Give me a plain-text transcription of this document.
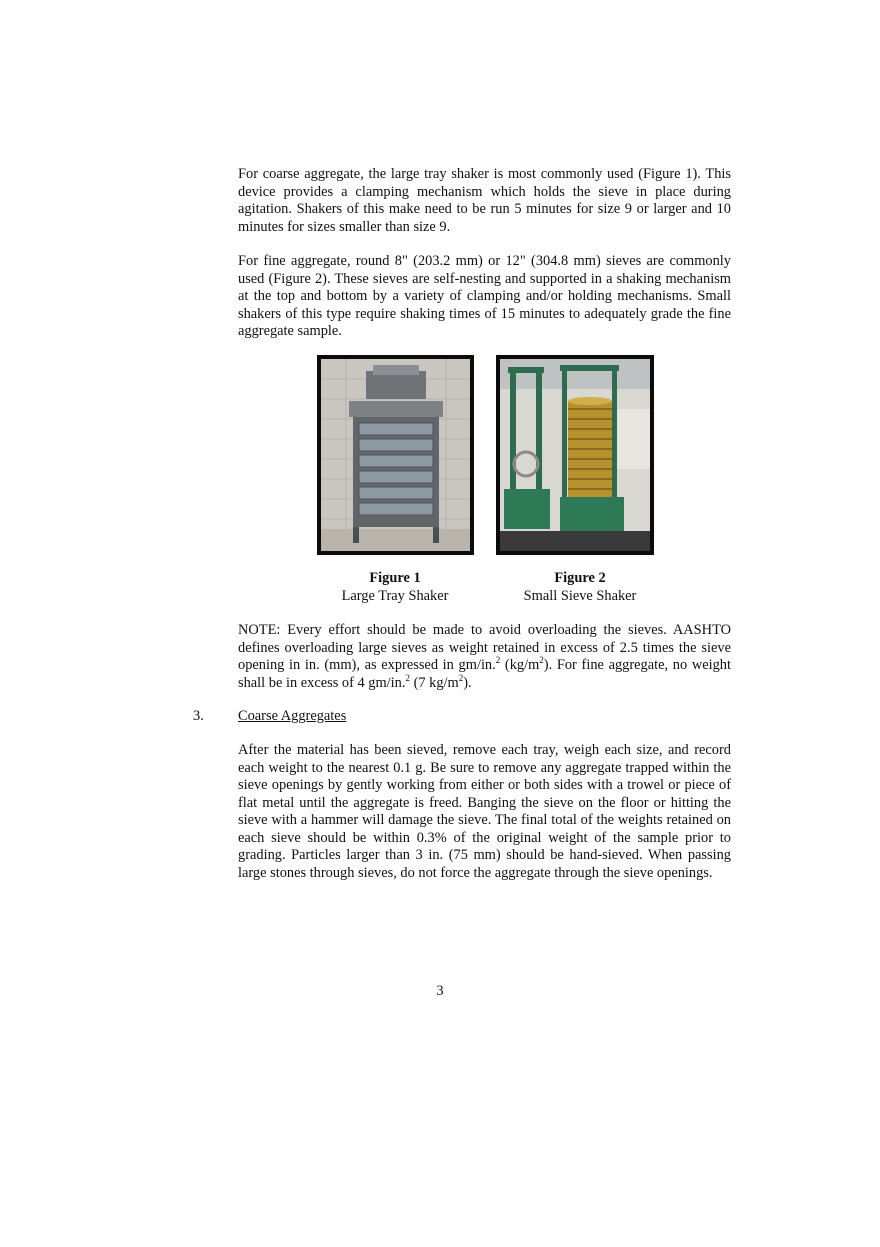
For coarse aggregate, the large tray shaker is most commonly used (Figure 1). This device provides a clamping mechanism which holds the sieve in place during agitation. Shakers of this make need to be run 5 minutes for size 9 or larger and 10 minutes for sizes smaller than size 9.

For fine aggregate, round 8" (203.2 mm) or 12" (304.8 mm) sieves are commonly used (Figure 2). These sieves are self-nesting and supported in a shaking mechanism at the top and bottom by a variety of clamping and/or holding mechanisms. Small shakers of this type require shaking times of 15 minutes to adequately grade the fine aggregate sample.

Figure 1
Large Tray Shaker
Figure 2
Small Sieve Shaker

NOTE: Every effort should be made to avoid overloading the sieves. AASHTO defines overloading large sieves as weight retained in excess of 2.5 times the sieve opening in in. (mm), as expressed in gm/in.$^2$ $(kg/m^2)$. For fine aggregate, no weight shall be in excess of 4 gm/in.$^2$ (7 $kg/m^2$).

3. Coarse Aggregates

After the material has been sieved, remove each tray, weigh each size, and record each weight to the nearest 0.1 g. Be sure to remove any aggregate trapped within the sieve openings by gently working from either or both sides with a trowel or piece of flat metal until the aggregate is freed. Banging the sieve on the floor or hitting the sieve with a hammer will damage the sieve. The final total of the weights retained on each sieve should be within 0.3% of the original weight of the sample prior to grading. Particles larger than 3 in. (75 mm) should be hand-sieved. When passing large stones through sieves, do not force the aggregate through the sieve openings.

3
